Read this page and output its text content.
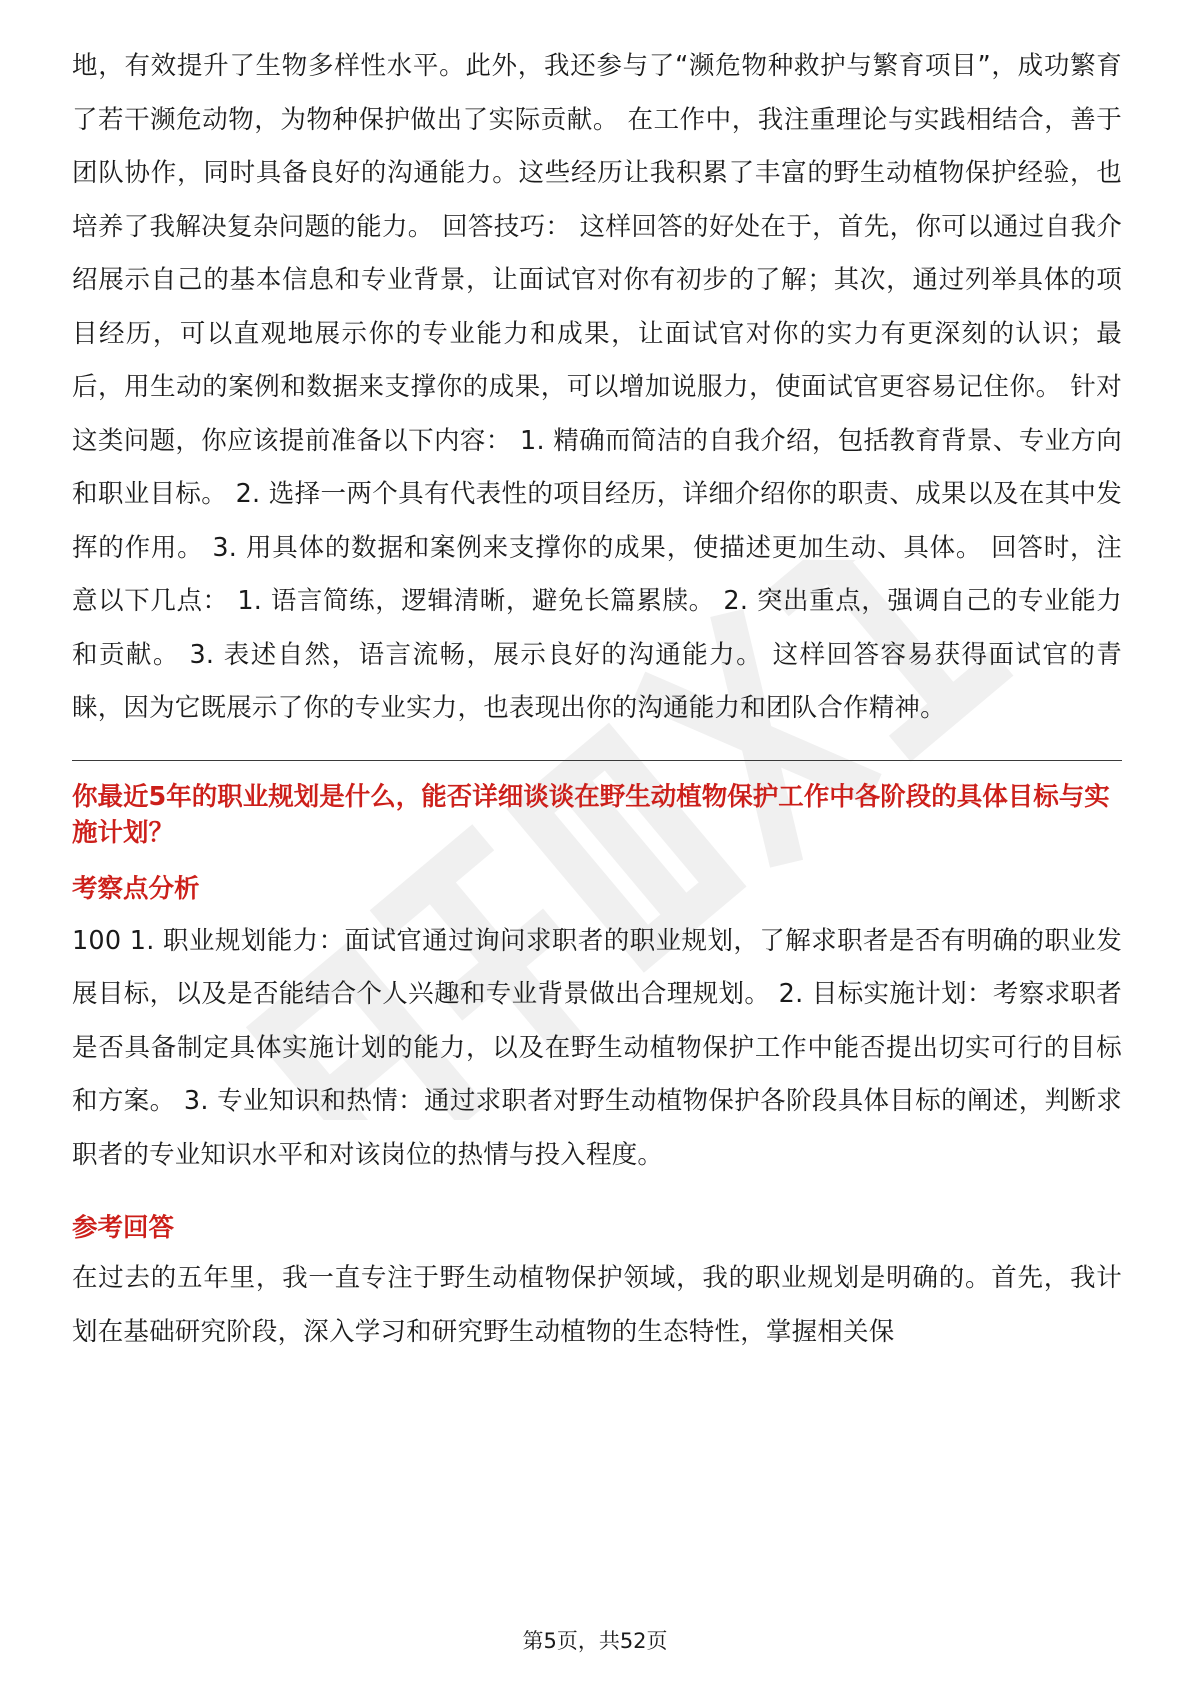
地，有效提升了生物多样性水平。此外，我还参与了“濒危物种救护与繁育项目”，成功繁育了若干濒危动物，为物种保护做出了实际贡献。 在工作中，我注重理论与实践相结合，善于团队协作，同时具备良好的沟通能力。这些经历让我积累了丰富的野生动植物保护经验，也培养了我解决复杂问题的能力。 回答技巧： 这样回答的好处在于，首先，你可以通过自我介绍展示自己的基本信息和专业背景，让面试官对你有初步的了解；其次，通过列举具体的项目经历，可以直观地展示你的专业能力和成果，让面试官对你的实力有更深刻的认识；最后，用生动的案例和数据来支撑你的成果，可以增加说服力，使面试官更容易记住你。 针对这类问题，你应该提前准备以下内容： 1. 精确而简洁的自我介绍，包括教育背景、专业方向和职业目标。 2. 选择一两个具有代表性的项目经历，详细介绍你的职责、成果以及在其中发挥的作用。 3. 用具体的数据和案例来支撑你的成果，使描述更加生动、具体。 回答时，注意以下几点： 1. 语言简练，逻辑清晰，避免长篇累牍。 2. 突出重点，强调自己的专业能力和贡献。 3. 表述自然，语言流畅，展示良好的沟通能力。 这样回答容易获得面试官的青睐，因为它既展示了你的专业实力，也表现出你的沟通能力和团队合作精神。

你最近5年的职业规划是什么，能否详细谈谈在野生动植物保护工作中各阶段的具体目标与实施计划？

考察点分析

100 1. 职业规划能力：面试官通过询问求职者的职业规划，了解求职者是否有明确的职业发展目标，以及是否能结合个人兴趣和专业背景做出合理规划。 2. 目标实施计划：考察求职者是否具备制定具体实施计划的能力，以及在野生动植物保护工作中能否提出切实可行的目标和方案。 3. 专业知识和热情：通过求职者对野生动植物保护各阶段具体目标的阐述，判断求职者的专业知识水平和对该岗位的热情与投入程度。

参考回答

在过去的五年里，我一直专注于野生动植物保护领域，我的职业规划是明确的。首先，我计划在基础研究阶段，深入学习和研究野生动植物的生态特性，掌握相关保

第5页，共52页
